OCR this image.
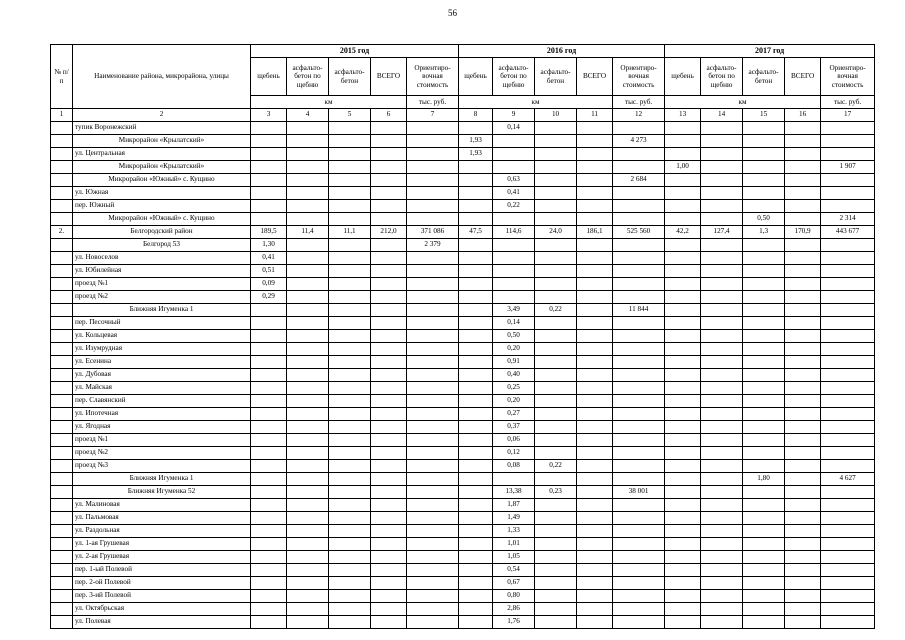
56
№ п/п	Наименование района, микрорайона, улицы	2015 год					2016 год					2017 год					
		щебень	асфальто-бетон по щебню	асфальто-бетон	ВСЕГО	Ориентиро-вочная стоимость	щебень	асфальто-бетон по щебню	асфальто-бетон	ВСЕГО	Ориентиро-вочная стоимость	щебень	асфальто-бетон по щебню	асфальто-бетон	ВСЕГО	Ориентиро-вочная стоимость	
		км				тыс. руб.	км				тыс. руб.	км				тыс. руб.	
1	2	3	4	5	6	7	8	9	10	11	12	13	14	15	16	17	
	тупик Воронежский							0,14									
	Микрорайон «Крылатский»						1,93				4 273						
	ул. Центральная						1,93										
	Микрорайон «Крылатский»											1,00				1 907	
	Микрорайон «Южный» с. Кущино							0,63			2 684						
	ул. Южная							0,41									
	пер. Южный							0,22									
	Микрорайон «Южный» с. Кущино													0,50		2 314	
2.	Белгородский район	189,5	11,4	11,1	212,0	371 086	47,5	114,6	24,0	186,1	525 560	42,2	127,4	1,3	170,9	443 677	
	Белгород 53	1,30				2 379											
	ул. Новоселов	0,41															
	ул. Юбилейная	0,51															
	проезд №1	0,09															
	проезд №2	0,29															
	Ближняя Игуменка 1							3,49	0,22		11 844						
	пер. Песочный							0,14									
	ул. Кольцевая							0,50									
	ул. Изумрудная							0,20									
	ул. Есенина							0,91									
	ул. Дубовая							0,40									
	ул. Майская							0,25									
	пер. Славянский							0,20									
	ул. Ипотечная							0,27									
	ул. Ягодная							0,37									
	проезд №1							0,06									
	проезд №2							0,12									
	проезд №3							0,08	0,22								
	Ближняя Игуменка 1													1,80		4 627	
	Ближняя Игуменка 52							13,38	0,23		38 001						
	ул. Малиновая							1,87									
	ул. Пальмовая							1,49									
	ул. Раздольная							1,33									
	ул. 1-ая Грушевая							1,01									
	ул. 2-ая Грушевая							1,05									
	пер. 1-ый Полевой							0,54									
	пер. 2-ой Полевой							0,67									
	пер. 3-ий Полевой							0,80									
	ул. Октябрьская							2,86									
	ул. Полевая							1,76									
